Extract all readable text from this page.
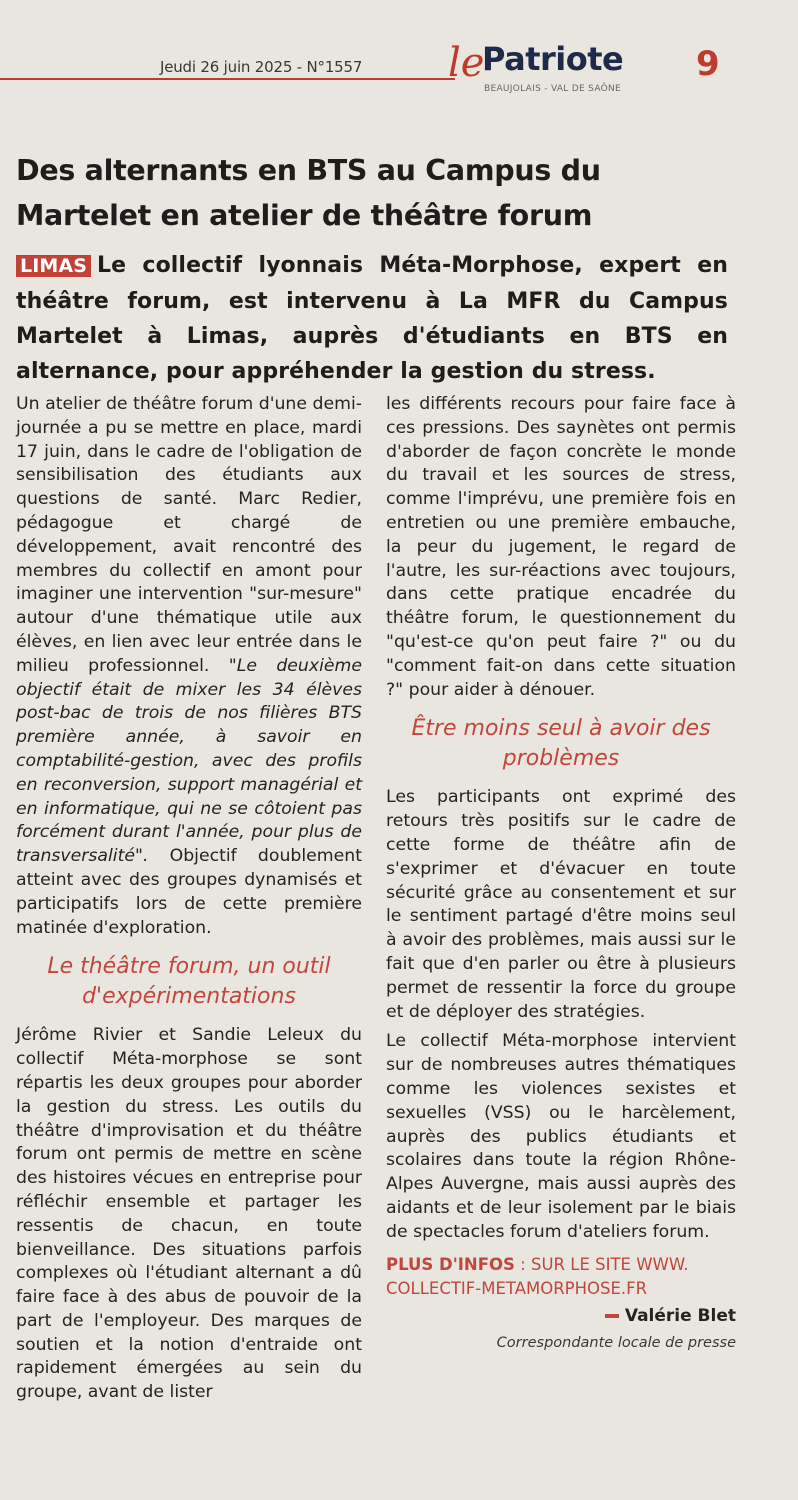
Jeudi 26 juin 2025 - N°1557 le
Patriote
BEAUJOLAIS - VAL DE SAÔNE
9
Des alternants en BTS au Campus du Martelet en atelier de théâtre forum

LIMAS Le collectif lyonnais Méta-Morphose, expert en théâtre forum, est intervenu à La MFR du Campus Martelet à Limas, auprès d'étudiants en BTS en alternance, pour appréhender la gestion du stress.

Un atelier de théâtre forum d'une demi-journée a pu se mettre en place, mardi 17 juin, dans le cadre de l'obligation de sensibilisation des étudiants aux questions de santé. Marc Redier, pédagogue et chargé de développement, avait rencontré des membres du collectif en amont pour imaginer une intervention "sur-mesure" autour d'une thématique utile aux élèves, en lien avec leur entrée dans le milieu professionnel. "Le deuxième objectif était de mixer les 34 élèves post-bac de trois de nos filières BTS première année, à savoir en comptabilité-gestion, avec des profils en reconversion, support managérial et en informatique, qui ne se côtoient pas forcément durant l'année, pour plus de transversalité". Objectif doublement atteint avec des groupes dynamisés et participatifs lors de cette première matinée d'exploration.

Le théâtre forum, un outil d'expérimentations

Jérôme Rivier et Sandie Leleux du collectif Méta-morphose se sont répartis les deux groupes pour aborder la gestion du stress. Les outils du théâtre d'improvisation et du théâtre forum ont permis de mettre en scène des histoires vécues en entreprise pour réfléchir ensemble et partager les ressentis de chacun, en toute bienveillance. Des situations parfois complexes où l'étudiant alternant a dû faire face à des abus de pouvoir de la part de l'employeur. Des marques de soutien et la notion d'entraide ont rapidement émergées au sein du groupe, avant de lister

les différents recours pour faire face à ces pressions. Des saynètes ont permis d'aborder de façon concrète le monde du travail et les sources de stress, comme l'imprévu, une première fois en entretien ou une première embauche, la peur du jugement, le regard de l'autre, les sur-réactions avec toujours, dans cette pratique encadrée du théâtre forum, le questionnement du "qu'est-ce qu'on peut faire ?" ou du "comment fait-on dans cette situation ?" pour aider à dénouer.

Être moins seul à avoir des problèmes

Les participants ont exprimé des retours très positifs sur le cadre de cette forme de théâtre afin de s'exprimer et d'évacuer en toute sécurité grâce au consentement et sur le sentiment partagé d'être moins seul à avoir des problèmes, mais aussi sur le fait que d'en parler ou être à plusieurs permet de ressentir la force du groupe et de déployer des stratégies.

Le collectif Méta-morphose intervient sur de nombreuses autres thématiques comme les violences sexistes et sexuelles (VSS) ou le harcèlement, auprès des publics étudiants et scolaires dans toute la région Rhône-Alpes Auvergne, mais aussi auprès des aidants et de leur isolement par le biais de spectacles forum d'ateliers forum.

PLUS D'INFOS : SUR LE SITE WWW. COLLECTIF-METAMORPHOSE.FR
Valérie Blet
Correspondante locale de presse
